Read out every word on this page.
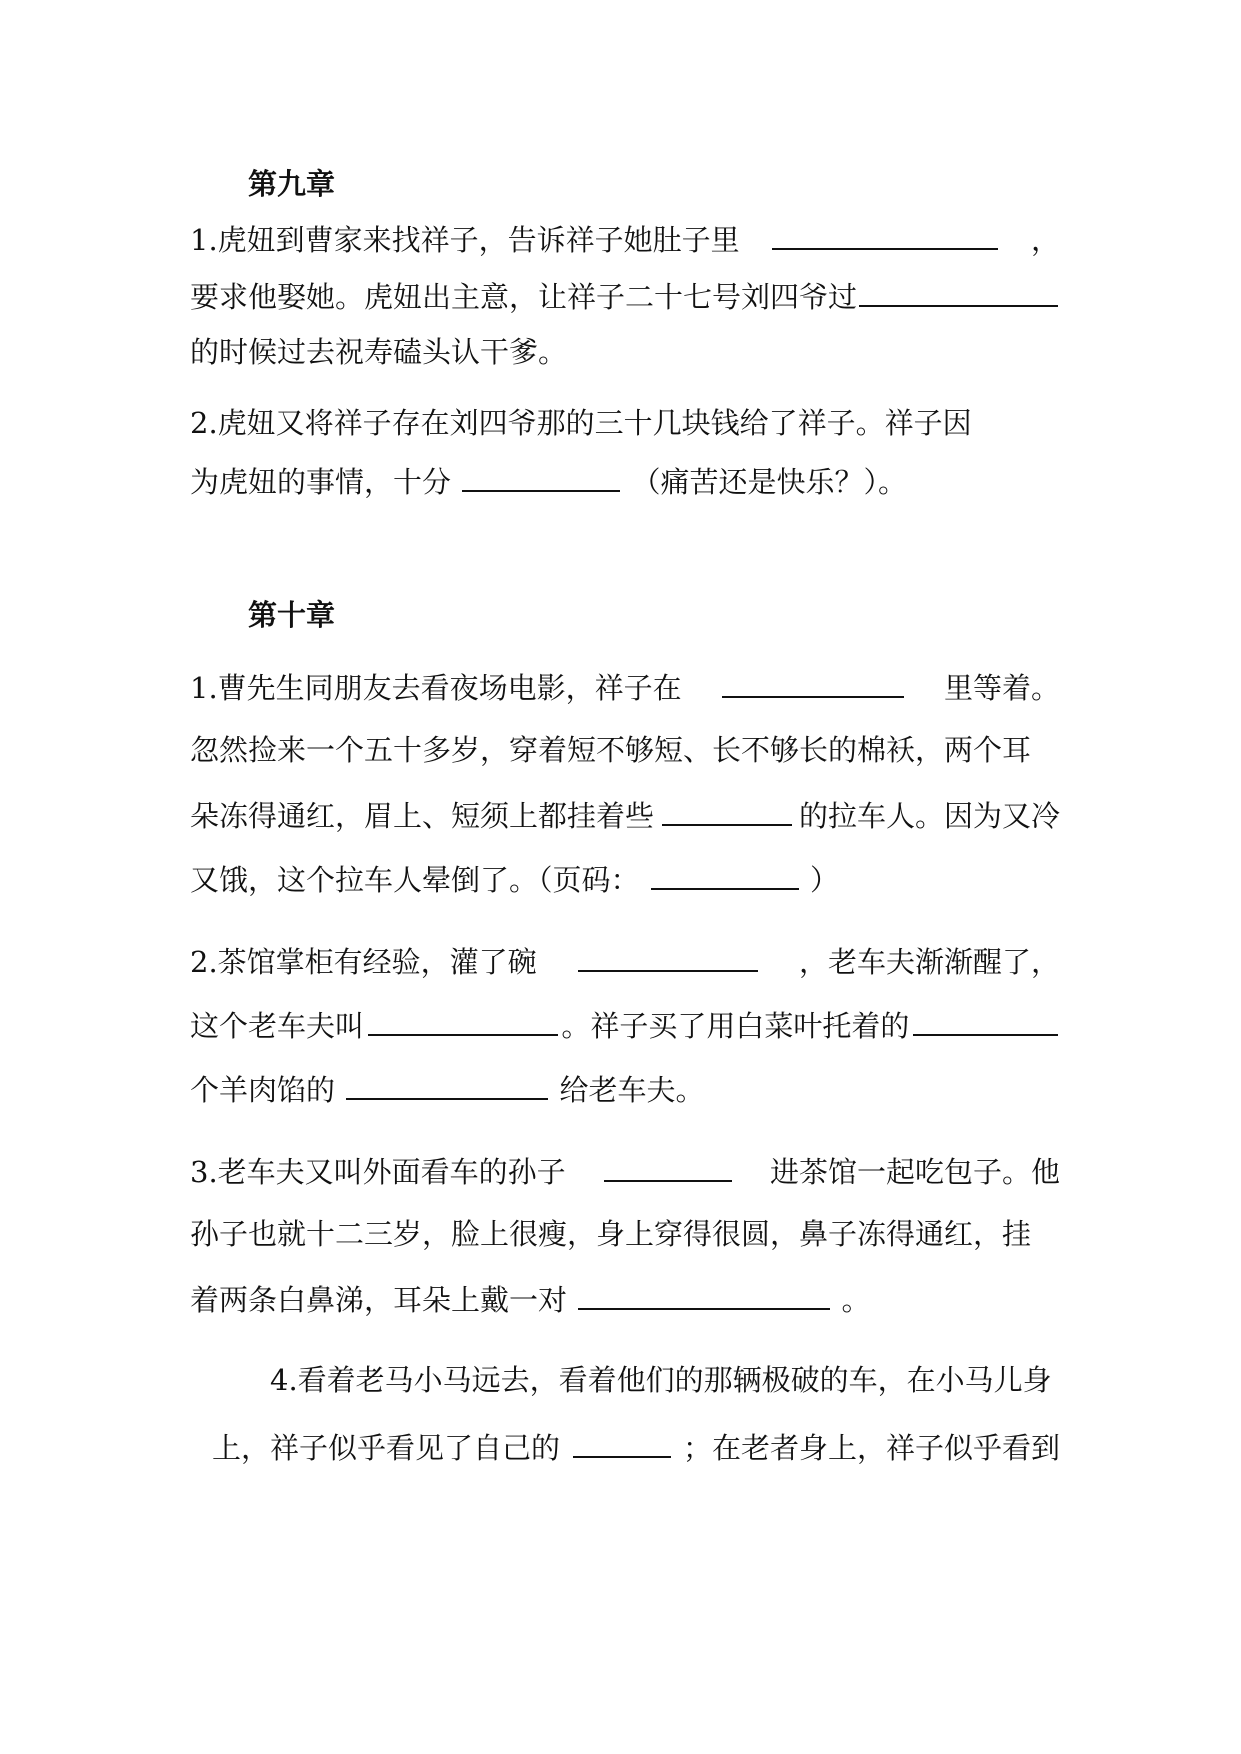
第九章
1.虎妞到曹家来找祥子，告诉祥子她肚子里	，
要求他娶她。虎妞出主意，让祥子二十七号刘四爷过
的时候过去祝寿磕头认干爹。
2.虎妞又将祥子存在刘四爷那的三十几块钱给了祥子。祥子因
为虎妞的事情，十分	（痛苦还是快乐？）。
第十章
1.曹先生同朋友去看夜场电影，祥子在	里等着。
忽然捡来一个五十多岁，穿着短不够短、长不够长的棉袄，两个耳
朵冻得通红，眉上、短须上都挂着些	的拉车人。因为又冷
又饿，这个拉车人晕倒了。（页码：	）
2.茶馆掌柜有经验，灌了碗	，老车夫渐渐醒了，
这个老车夫叫	。祥子买了用白菜叶托着的
个羊肉馅的	给老车夫。
3.老车夫又叫外面看车的孙子	进茶馆一起吃包子。他
孙子也就十二三岁，脸上很瘦，身上穿得很圆，鼻子冻得通红，挂
着两条白鼻涕，耳朵上戴一对	。
4.看着老马小马远去，看着他们的那辆极破的车，在小马儿身
上，祥子似乎看见了自己的	；在老者身上，祥子似乎看到
